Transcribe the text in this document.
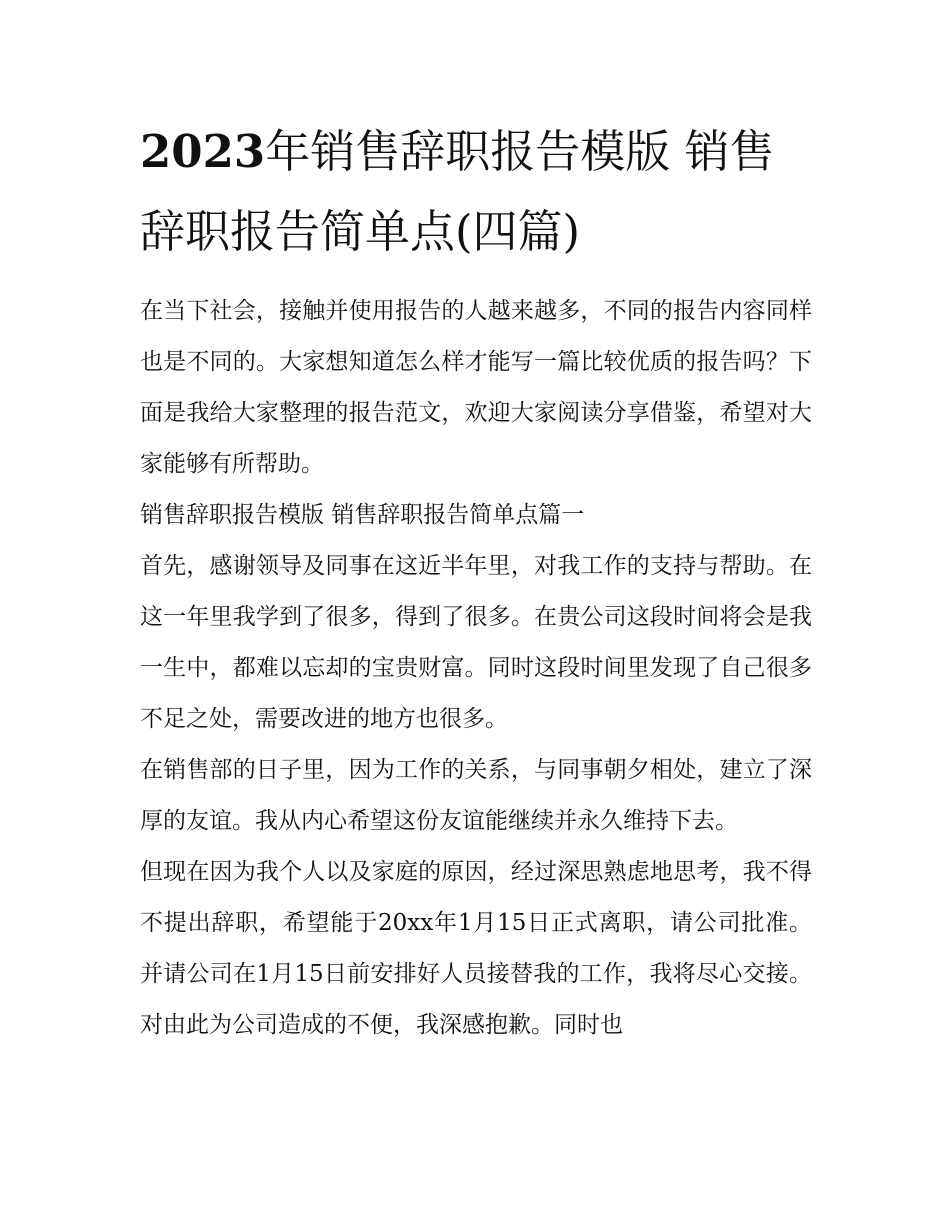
2023年销售辞职报告模版 销售辞职报告简单点(四篇)

在当下社会，接触并使用报告的人越来越多，不同的报告内容同样也是不同的。大家想知道怎么样才能写一篇比较优质的报告吗？下面是我给大家整理的报告范文，欢迎大家阅读分享借鉴，希望对大家能够有所帮助。

销售辞职报告模版 销售辞职报告简单点篇一

首先，感谢领导及同事在这近半年里，对我工作的支持与帮助。在这一年里我学到了很多，得到了很多。在贵公司这段时间将会是我一生中，都难以忘却的宝贵财富。同时这段时间里发现了自己很多不足之处，需要改进的地方也很多。

在销售部的日子里，因为工作的关系，与同事朝夕相处，建立了深厚的友谊。我从内心希望这份友谊能继续并永久维持下去。

但现在因为我个人以及家庭的原因，经过深思熟虑地思考，我不得不提出辞职，希望能于20xx年1月15日正式离职，请公司批准。并请公司在1月15日前安排好人员接替我的工作，我将尽心交接。对由此为公司造成的不便，我深感抱歉。同时也
